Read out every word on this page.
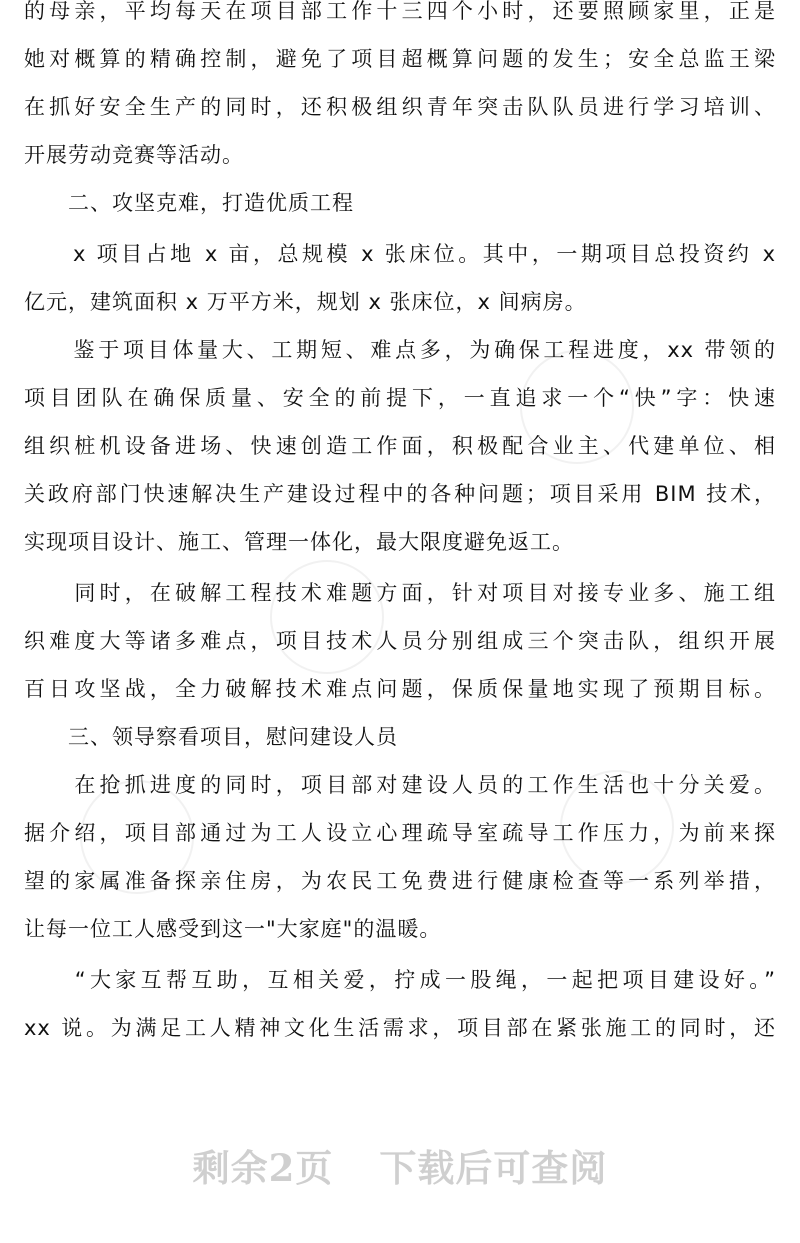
的母亲，平均每天在项目部工作十三四个小时，还要照顾家里，正是
她对概算的精确控制，避免了项目超概算问题的发生；安全总监王梁
在抓好安全生产的同时，还积极组织青年突击队队员进行学习培训、
开展劳动竞赛等活动。
　　二、攻坚克难，打造优质工程
　　x 项目占地 x 亩，总规模 x 张床位。其中，一期项目总投资约 x
亿元，建筑面积 x 万平方米，规划 x 张床位，x 间病房。
　　鉴于项目体量大、工期短、难点多，为确保工程进度，xx 带领的
项目团队在确保质量、安全的前提下，一直追求一个“快”字：快速
组织桩机设备进场、快速创造工作面，积极配合业主、代建单位、相
关政府部门快速解决生产建设过程中的各种问题；项目采用 BIM 技术，
实现项目设计、施工、管理一体化，最大限度避免返工。
　　同时，在破解工程技术难题方面，针对项目对接专业多、施工组
织难度大等诸多难点，项目技术人员分别组成三个突击队，组织开展
百日攻坚战，全力破解技术难点问题，保质保量地实现了预期目标。
　　三、领导察看项目，慰问建设人员
　　在抢抓进度的同时，项目部对建设人员的工作生活也十分关爱。
据介绍，项目部通过为工人设立心理疏导室疏导工作压力，为前来探
望的家属准备探亲住房，为农民工免费进行健康检查等一系列举措，
让每一位工人感受到这一"大家庭"的温暖。
　　“大家互帮互助，互相关爱，拧成一股绳，一起把项目建设好。”
xx 说。为满足工人精神文化生活需求，项目部在紧张施工的同时，还
剩余2页 下载后可查阅
